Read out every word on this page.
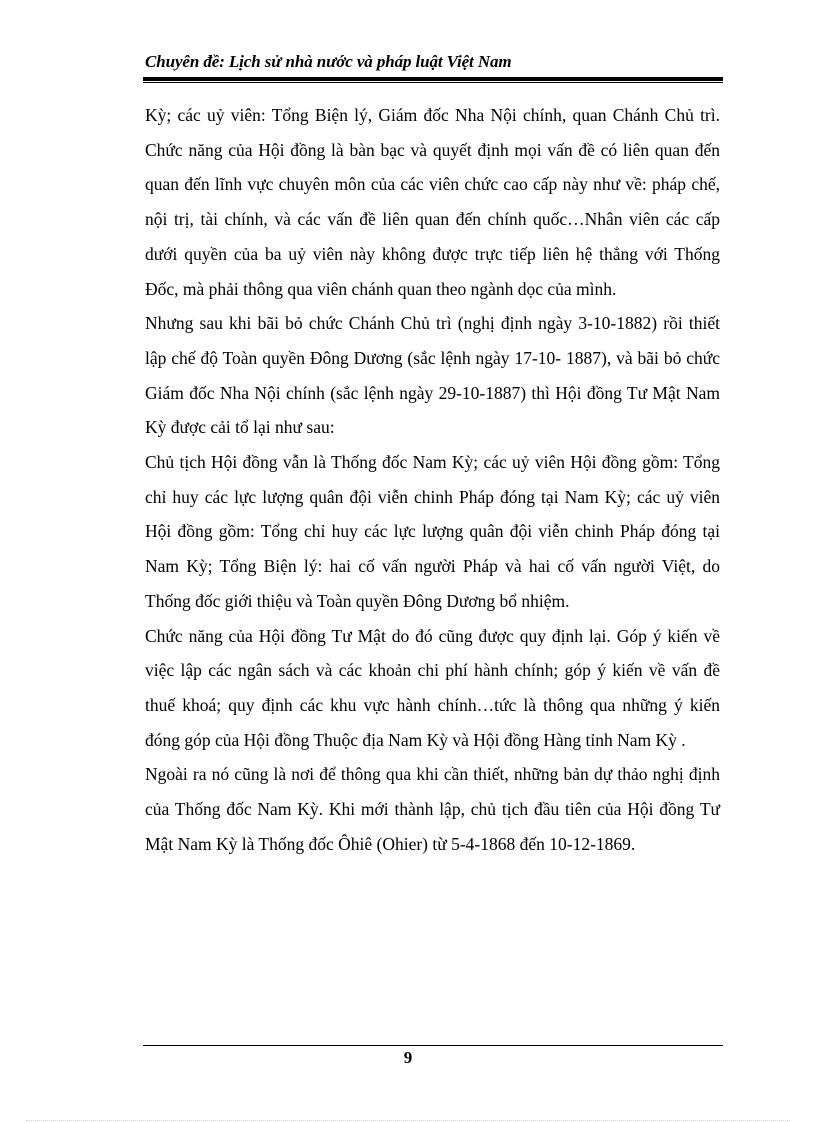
Chuyên đề: Lịch sử nhà nước và pháp luật Việt Nam

Kỳ; các uỷ viên: Tổng Biện lý, Giám đốc Nha Nội chính, quan Chánh Chủ trì. Chức năng của Hội đồng là bàn bạc và quyết định mọi vấn đề có liên quan đến quan đến lĩnh vực chuyên môn của các viên chức cao cấp này như về: pháp chế, nội trị, tài chính, và các vấn đề liên quan đến chính quốc…Nhân viên các cấp dưới quyền của ba uỷ viên này không được trực tiếp liên hệ thẳng với Thống Đốc, mà phải thông qua viên chánh quan theo ngành dọc của mình.

Nhưng sau khi bãi bỏ chức Chánh Chủ trì (nghị định ngày 3-10-1882) rồi thiết lập chế độ Toàn quyền Đông Dương (sắc lệnh ngày 17-10- 1887), và bãi bỏ chức Giám đốc Nha Nội chính (sắc lệnh ngày 29-10-1887) thì Hội đồng Tư Mật Nam Kỳ được cải tổ lại như sau:

Chủ tịch Hội đồng vẫn là Thống đốc Nam Kỳ; các uỷ viên Hội đồng gồm: Tổng chỉ huy các lực lượng quân đội viễn chinh Pháp đóng tại Nam Kỳ; các uỷ viên Hội đồng gồm: Tổng chỉ huy các lực lượng quân đội viễn chinh Pháp đóng tại Nam Kỳ; Tổng Biện lý: hai cố vấn người Pháp và hai cố vấn người Việt, do Thống đốc giới thiệu và Toàn quyền Đông Dương bổ nhiệm.

Chức năng của Hội đồng Tư Mật do đó cũng được quy định lại. Góp ý kiến về việc lập các ngân sách và các khoản chi phí hành chính; góp ý kiến về vấn đề thuế khoá; quy định các khu vực hành chính…tức là thông qua những ý kiến đóng góp của Hội đồng Thuộc địa Nam Kỳ và Hội đồng Hàng tỉnh Nam Kỳ .

Ngoài ra nó cũng là nơi để thông qua khi cần thiết, những bản dự thảo nghị định của Thống đốc Nam Kỳ. Khi mới thành lập, chủ tịch đầu tiên của Hội đồng Tư Mật Nam Kỳ là Thống đốc Ôhiê (Ohier) từ 5-4-1868 đến 10-12-1869.

9
